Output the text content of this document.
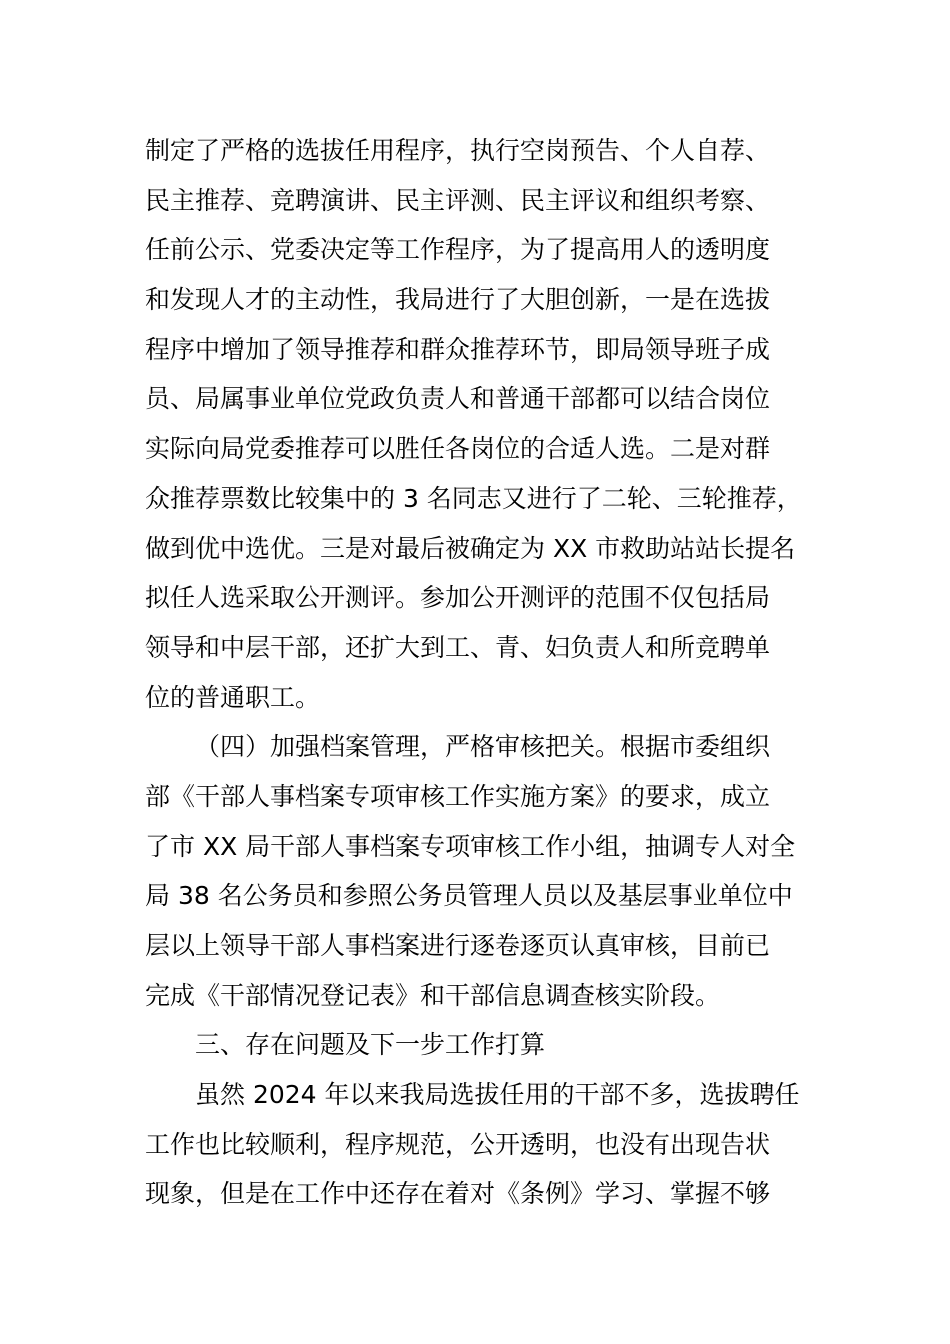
制定了严格的选拔任用程序，执行空岗预告、个人自荐、
民主推荐、竞聘演讲、民主评测、民主评议和组织考察、
任前公示、党委决定等工作程序，为了提高用人的透明度
和发现人才的主动性，我局进行了大胆创新，一是在选拔
程序中增加了领导推荐和群众推荐环节，即局领导班子成
员、局属事业单位党政负责人和普通干部都可以结合岗位
实际向局党委推荐可以胜任各岗位的合适人选。二是对群
众推荐票数比较集中的 3 名同志又进行了二轮、三轮推荐，
做到优中选优。三是对最后被确定为 XX 市救助站站长提名
拟任人选采取公开测评。参加公开测评的范围不仅包括局
领导和中层干部，还扩大到工、青、妇负责人和所竞聘单
位的普通职工。
（四）加强档案管理，严格审核把关。根据市委组织
部《干部人事档案专项审核工作实施方案》的要求，成立
了市 XX 局干部人事档案专项审核工作小组，抽调专人对全
局 38 名公务员和参照公务员管理人员以及基层事业单位中
层以上领导干部人事档案进行逐卷逐页认真审核，目前已
完成《干部情况登记表》和干部信息调查核实阶段。
三、存在问题及下一步工作打算
虽然 2024 年以来我局选拔任用的干部不多，选拔聘任
工作也比较顺利，程序规范，公开透明，也没有出现告状
现象，但是在工作中还存在着对《条例》学习、掌握不够
